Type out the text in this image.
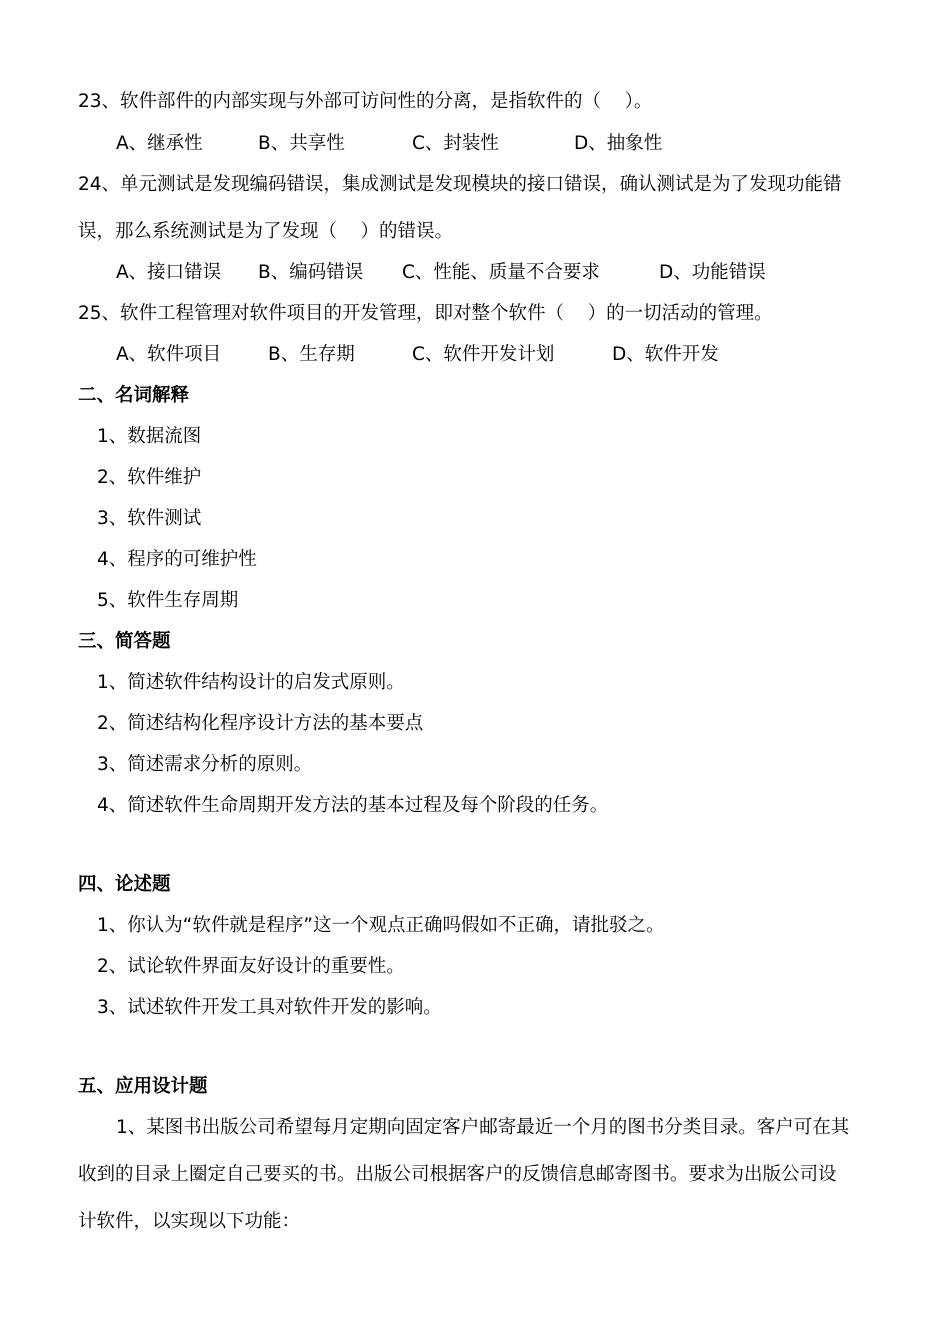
23、软件部件的内部实现与外部可访问性的分离，是指软件的（    ）。
A、继承性	B、共享性	C、封装性	D、抽象性
24、单元测试是发现编码错误，集成测试是发现模块的接口错误，确认测试是为了发现功能错
误，那么系统测试是为了发现（    ）的错误。
A、接口错误 B、编码错误 C、性能、质量不合要求	D、功能错误
25、软件工程管理对软件项目的开发管理，即对整个软件（    ）的一切活动的管理。
A、软件项目	B、生存期	C、软件开发计划	D、软件开发
二、名词解释
1、数据流图
2、软件维护
3、软件测试
4、程序的可维护性
5、软件生存周期
三、简答题
1、简述软件结构设计的启发式原则。
2、简述结构化程序设计方法的基本要点
3、简述需求分析的原则。
4、简述软件生命周期开发方法的基本过程及每个阶段的任务。
四、论述题
1、你认为“软件就是程序”这一个观点正确吗假如不正确，请批驳之。
2、试论软件界面友好设计的重要性。
3、试述软件开发工具对软件开发的影响。
五、应用设计题
1、某图书出版公司希望每月定期向固定客户邮寄最近一个月的图书分类目录。客户可在其
收到的目录上圈定自己要买的书。出版公司根据客户的反馈信息邮寄图书。要求为出版公司设
计软件，以实现以下功能：
